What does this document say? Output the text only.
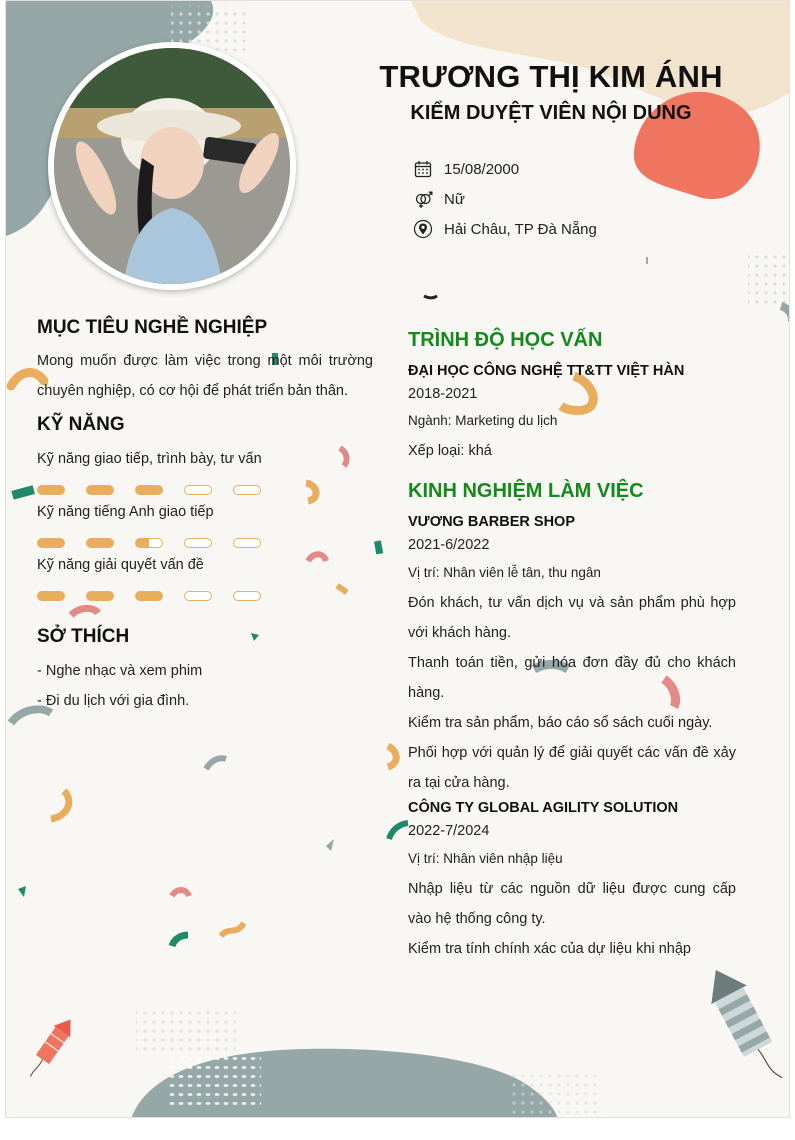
TRƯƠNG THỊ KIM ÁNH
KIỂM DUYỆT VIÊN NỘI DUNG
15/08/2000
Nữ
Hải Châu, TP Đà Nẵng
MỤC TIÊU NGHỀ NGHIỆP
Mong muốn được làm việc trong một môi trường
chuyên nghiệp, có cơ hội để phát triển bản thân.
KỸ NĂNG
Kỹ năng giao tiếp, trình bày, tư vấn
Kỹ năng tiếng Anh giao tiếp
Kỹ năng giải quyết vấn đề
SỞ THÍCH
- Nghe nhạc và xem phim
- Đi du lịch với gia đình.
TRÌNH ĐỘ HỌC VẤN
ĐẠI HỌC CÔNG NGHỆ TT&TT VIỆT HÀN
2018-2021
Ngành: Marketing du lịch
Xếp loại: khá
KINH NGHIỆM LÀM VIỆC
VƯƠNG BARBER SHOP
2021-6/2022
Vị trí: Nhân viên lễ tân, thu ngân
Đón khách, tư vấn dịch vụ và sản phẩm phù hợp
với khách hàng.
Thanh toán tiền, gửi hóa đơn đầy đủ cho khách
hàng.
Kiểm tra sản phẩm, báo cáo sổ sách cuối ngày.
Phối hợp với quản lý để giải quyết các vấn đề xảy
ra tại cửa hàng.
CÔNG TY GLOBAL AGILITY SOLUTION
2022-7/2024
Vị trí: Nhân viên nhập liệu
Nhập liệu từ các nguồn dữ liệu được cung cấp
vào hệ thống công ty.
Kiểm tra tính chính xác của dự liệu khi nhập
